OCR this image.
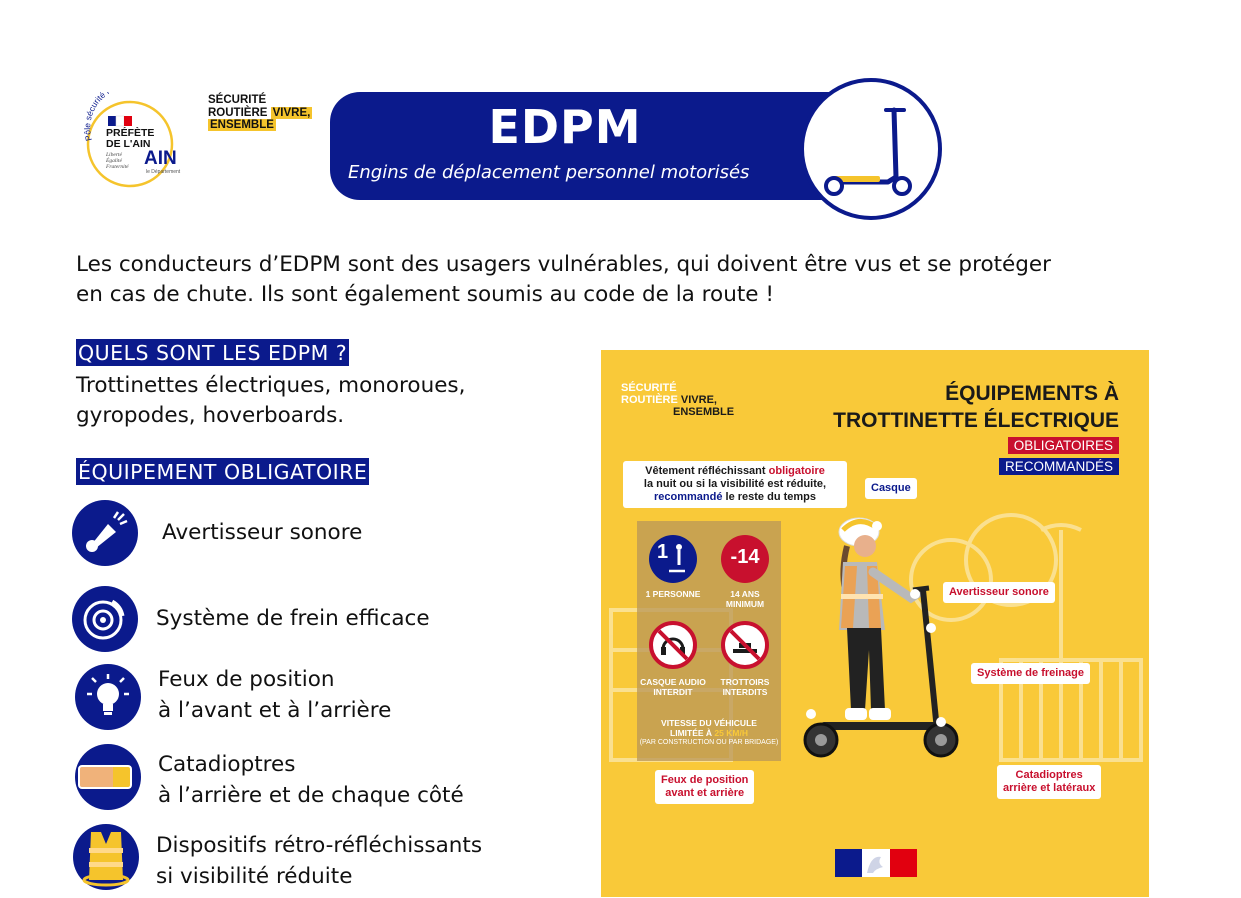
Pôle sécurité
PRÉFÈTE
DE L'AIN
Liberté
Égalité
Fraternité AIN
le Département
SÉCURITÉ
ROUTIÈRE VIVRE,
ENSEMBLE	EDPM
Engins de déplacement personnel motorisés
Les conducteurs d’EDPM sont des usagers vulnérables, qui doivent être vus et se protéger
en cas de chute. Ils sont également soumis au code de la route !
QUELS SONT LES EDPM ?
Trottinettes électriques, monoroues,
gyropodes, hoverboards.
ÉQUIPEMENT OBLIGATOIRE
Avertisseur sonore
Système de frein efficace
Feux de position
à l’avant et à l’arrière
Catadioptres
à l’arrière et de chaque côté
Dispositifs rétro-réfléchissants
si visibilité réduite
SÉCURITÉ
ROUTIÈRE VIVRE,
ENSEMBLE
ÉQUIPEMENTS À
TROTTINETTE ÉLECTRIQUE
OBLIGATOIRES
RECOMMANDÉS
1	-14
1 PERSONNE	14 ANS
MINIMUM
CASQUE AUDIO
INTERDIT
TROTTOIRS
INTERDITS
VITESSE DU VÉHICULE
LIMITÉE À 25 KM/H
(PAR CONSTRUCTION OU PAR BRIDAGE)
Vêtement réfléchissant obligatoire
la nuit ou si la visibilité est réduite,
recommandé le reste du temps
Casque
Avertisseur sonore
Système de freinage
Feux de position
avant et arrière
Catadioptres
arrière et latéraux
